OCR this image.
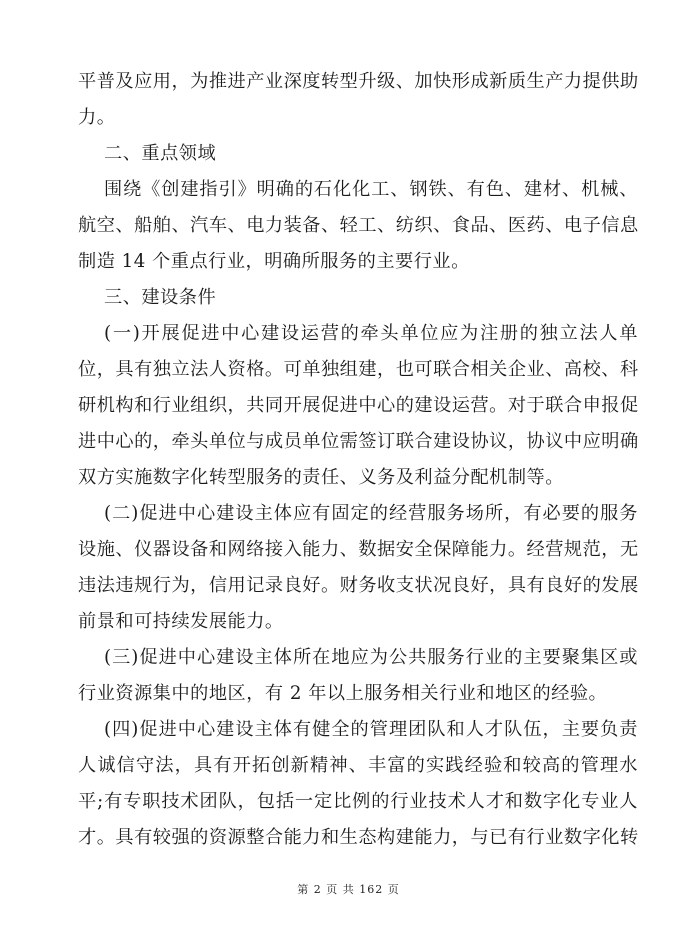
平普及应用，为推进产业深度转型升级、加快形成新质生产力提供助
力。
二、重点领域
围绕《创建指引》明确的石化化工、钢铁、有色、建材、机械、
航空、船舶、汽车、电力装备、轻工、纺织、食品、医药、电子信息
制造 14 个重点行业，明确所服务的主要行业。
三、建设条件
(一)开展促进中心建设运营的牵头单位应为注册的独立法人单
位，具有独立法人资格。可单独组建，也可联合相关企业、高校、科
研机构和行业组织，共同开展促进中心的建设运营。对于联合申报促
进中心的，牵头单位与成员单位需签订联合建设协议，协议中应明确
双方实施数字化转型服务的责任、义务及利益分配机制等。
(二)促进中心建设主体应有固定的经营服务场所，有必要的服务
设施、仪器设备和网络接入能力、数据安全保障能力。经营规范，无
违法违规行为，信用记录良好。财务收支状况良好，具有良好的发展
前景和可持续发展能力。
(三)促进中心建设主体所在地应为公共服务行业的主要聚集区或
行业资源集中的地区，有 2 年以上服务相关行业和地区的经验。
(四)促进中心建设主体有健全的管理团队和人才队伍，主要负责
人诚信守法，具有开拓创新精神、丰富的实践经验和较高的管理水
平;有专职技术团队，包括一定比例的行业技术人才和数字化专业人
才。具有较强的资源整合能力和生态构建能力，与已有行业数字化转
第 2 页 共 162 页
